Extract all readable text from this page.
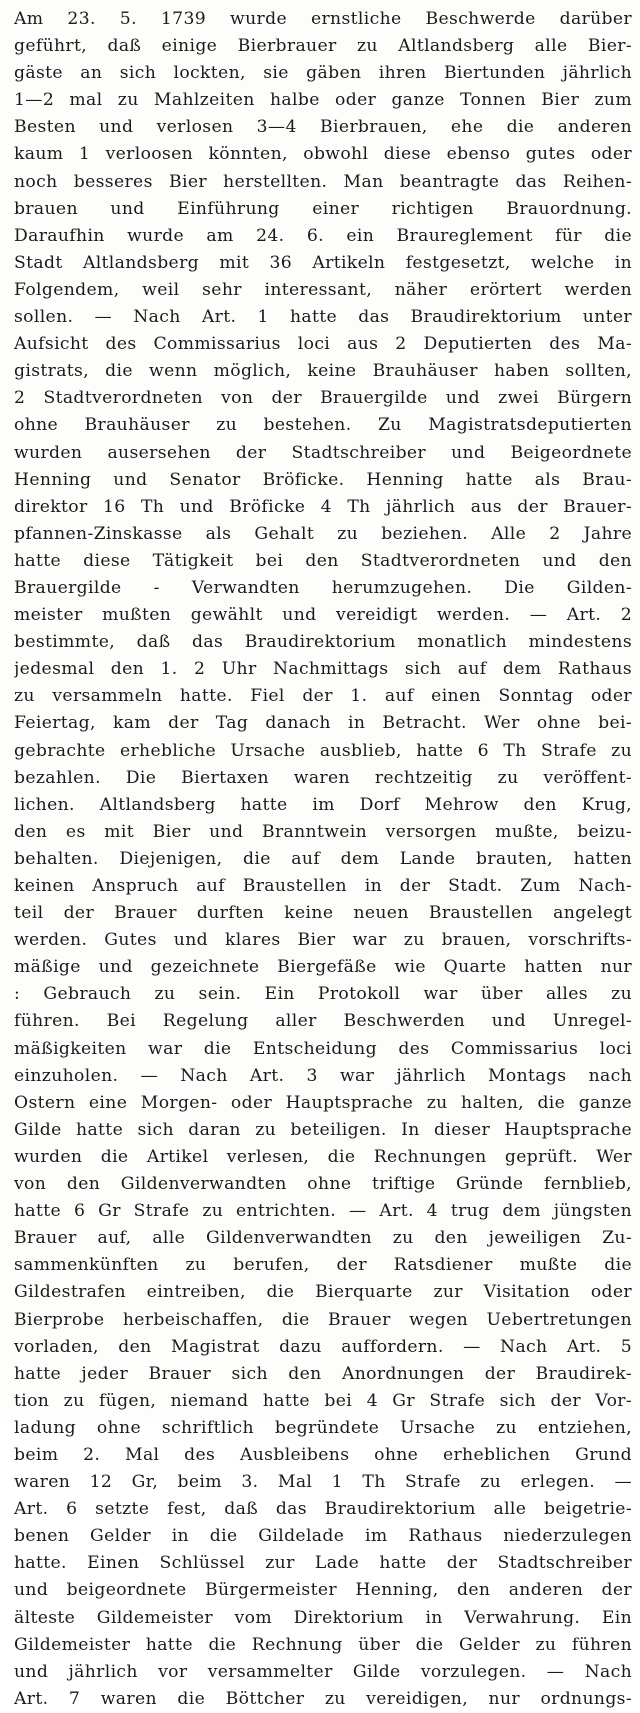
Am 23. 5. 1739 wurde ernstliche Beschwerde darüber
geführt, daß einige Bierbrauer zu Altlandsberg alle Bier-
gäste an sich lockten, sie gäben ihren Biertunden jährlich
1—2 mal zu Mahlzeiten halbe oder ganze Tonnen Bier zum
Besten und verlosen 3—4 Bierbrauen, ehe die anderen
kaum 1 verloosen könnten, obwohl diese ebenso gutes oder
noch besseres Bier herstellten. Man beantragte das Reihen-
brauen und Einführung einer richtigen Brauordnung.
Daraufhin wurde am 24. 6. ein Braureglement für die
Stadt Altlandsberg mit 36 Artikeln festgesetzt, welche in
Folgendem, weil sehr interessant, näher erörtert werden
sollen. — Nach Art. 1 hatte das Braudirektorium unter
Aufsicht des Commissarius loci aus 2 Deputierten des Ma-
gistrats, die wenn möglich, keine Brauhäuser haben sollten,
2 Stadtverordneten von der Brauergilde und zwei Bürgern
ohne Brauhäuser zu bestehen. Zu Magistratsdeputierten
wurden ausersehen der Stadtschreiber und Beigeordnete
Henning und Senator Bröficke. Henning hatte als Brau-
direktor 16 Th und Bröficke 4 Th jährlich aus der Brauer-
pfannen-Zinskasse als Gehalt zu beziehen. Alle 2 Jahre
hatte diese Tätigkeit bei den Stadtverordneten und den
Brauergilde - Verwandten herumzugehen. Die Gilden-
meister mußten gewählt und vereidigt werden. — Art. 2
bestimmte, daß das Braudirektorium monatlich mindestens
jedesmal den 1. 2 Uhr Nachmittags sich auf dem Rathaus
zu versammeln hatte. Fiel der 1. auf einen Sonntag oder
Feiertag, kam der Tag danach in Betracht. Wer ohne bei-
gebrachte erhebliche Ursache ausblieb, hatte 6 Th Strafe zu
bezahlen. Die Biertaxen waren rechtzeitig zu veröffent-
lichen. Altlandsberg hatte im Dorf Mehrow den Krug,
den es mit Bier und Branntwein versorgen mußte, beizu-
behalten. Diejenigen, die auf dem Lande brauten, hatten
keinen Anspruch auf Braustellen in der Stadt. Zum Nach-
teil der Brauer durften keine neuen Braustellen angelegt
werden. Gutes und klares Bier war zu brauen, vorschrifts-
mäßige und gezeichnete Biergefäße wie Quarte hatten nur
: Gebrauch zu sein. Ein Protokoll war über alles zu
führen. Bei Regelung aller Beschwerden und Unregel-
mäßigkeiten war die Entscheidung des Commissarius loci
einzuholen. — Nach Art. 3 war jährlich Montags nach
Ostern eine Morgen- oder Hauptsprache zu halten, die ganze
Gilde hatte sich daran zu beteiligen. In dieser Hauptsprache
wurden die Artikel verlesen, die Rechnungen geprüft. Wer
von den Gildenverwandten ohne triftige Gründe fernblieb,
hatte 6 Gr Strafe zu entrichten. — Art. 4 trug dem jüngsten
Brauer auf, alle Gildenverwandten zu den jeweiligen Zu-
sammenkünften zu berufen, der Ratsdiener mußte die
Gildestrafen eintreiben, die Bierquarte zur Visitation oder
Bierprobe herbeischaffen, die Brauer wegen Uebertretungen
vorladen, den Magistrat dazu auffordern. — Nach Art. 5
hatte jeder Brauer sich den Anordnungen der Braudirek-
tion zu fügen, niemand hatte bei 4 Gr Strafe sich der Vor-
ladung ohne schriftlich begründete Ursache zu entziehen,
beim 2. Mal des Ausbleibens ohne erheblichen Grund
waren 12 Gr, beim 3. Mal 1 Th Strafe zu erlegen. —
Art. 6 setzte fest, daß das Braudirektorium alle beigetrie-
benen Gelder in die Gildelade im Rathaus niederzulegen
hatte. Einen Schlüssel zur Lade hatte der Stadtschreiber
und beigeordnete Bürgermeister Henning, den anderen der
älteste Gildemeister vom Direktorium in Verwahrung. Ein
Gildemeister hatte die Rechnung über die Gelder zu führen
und jährlich vor versammelter Gilde vorzulegen. — Nach
Art. 7 waren die Böttcher zu vereidigen, nur ordnungs-
